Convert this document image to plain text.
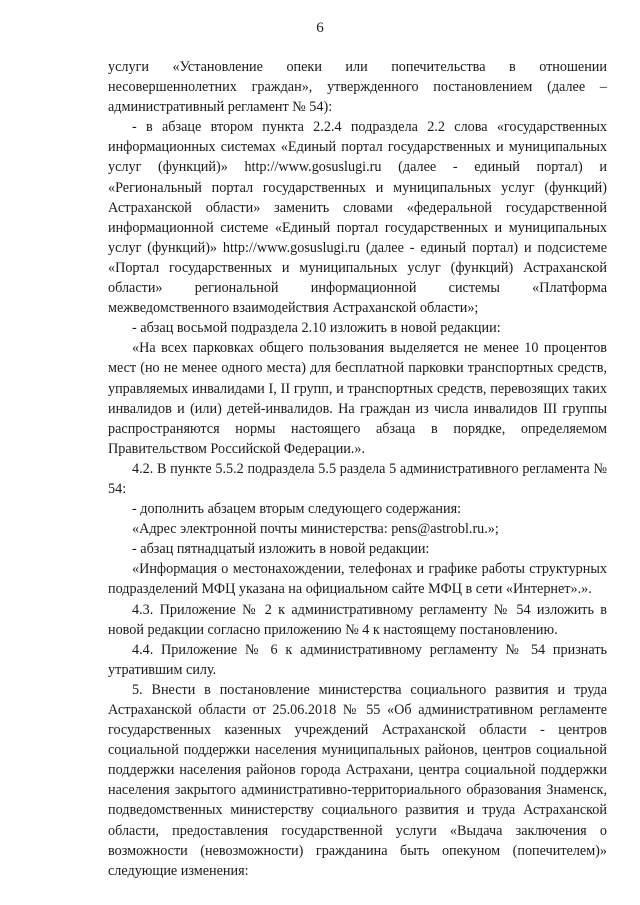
6

услуги «Установление опеки или попечительства в отношении несовершеннолетних граждан», утвержденного постановлением (далее – административный регламент № 54):

- в абзаце втором пункта 2.2.4 подраздела 2.2 слова «государственных информационных системах «Единый портал государственных и муниципальных услуг (функций)» http://www.gosuslugi.ru (далее - единый портал) и «Региональный портал государственных и муниципальных услуг (функций) Астраханской области» заменить словами «федеральной государственной информационной системе «Единый портал государственных и муниципальных услуг (функций)» http://www.gosuslugi.ru (далее - единый портал) и подсистеме «Портал государственных и муниципальных услуг (функций) Астраханской области» региональной информационной системы «Платформа межведомственного взаимодействия Астраханской области»;

- абзац восьмой подраздела 2.10 изложить в новой редакции:

«На всех парковках общего пользования выделяется не менее 10 процентов мест (но не менее одного места) для бесплатной парковки транспортных средств, управляемых инвалидами I, II групп, и транспортных средств, перевозящих таких инвалидов и (или) детей-инвалидов. На граждан из числа инвалидов III группы распространяются нормы настоящего абзаца в порядке, определяемом Правительством Российской Федерации.».

4.2. В пункте 5.5.2 подраздела 5.5 раздела 5 административного регламента № 54:

- дополнить абзацем вторым следующего содержания:

«Адрес электронной почты министерства: pens@astrobl.ru.»;

- абзац пятнадцатый изложить в новой редакции:

«Информация о местонахождении, телефонах и графике работы структурных подразделений МФЦ указана на официальном сайте МФЦ в сети «Интернет».».

4.3. Приложение № 2 к административному регламенту № 54 изложить в новой редакции согласно приложению № 4 к настоящему постановлению.

4.4. Приложение № 6 к административному регламенту № 54 признать утратившим силу.

5. Внести в постановление министерства социального развития и труда Астраханской области от 25.06.2018 № 55 «Об административном регламенте государственных казенных учреждений Астраханской области - центров социальной поддержки населения муниципальных районов, центров социальной поддержки населения районов города Астрахани, центра социальной поддержки населения закрытого административно-территориального образования Знаменск, подведомственных министерству социального развития и труда Астраханской области, предоставления государственной услуги «Выдача заключения о возможности (невозможности) гражданина быть опекуном (попечителем)» следующие изменения:
